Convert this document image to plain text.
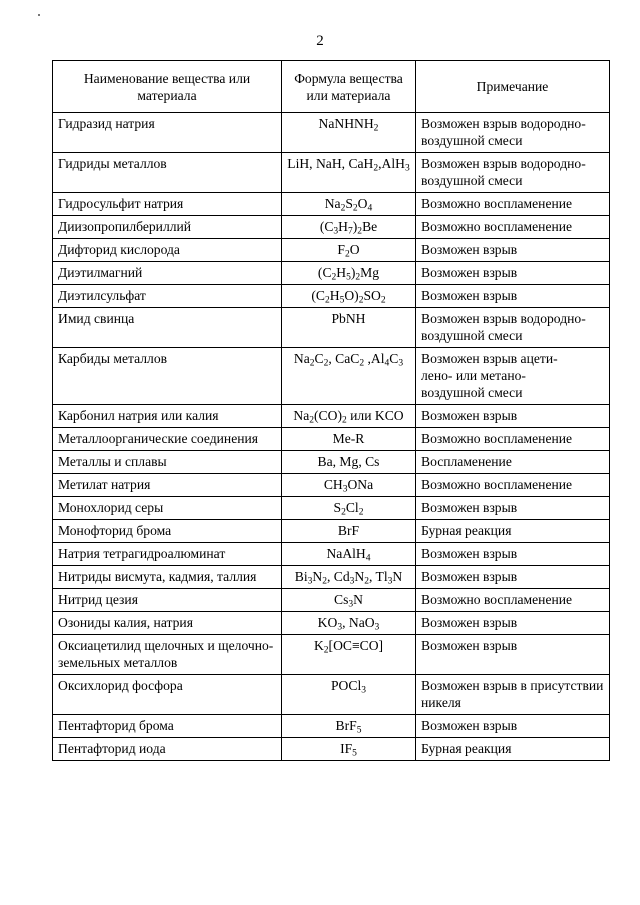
2
Наименование вещества или материала	Формула вещества или материала	Примечание
Гидразид натрия	NaNHNH$_2$	Возможен взрыв водородно-воздушной смеси
Гидриды металлов	LiH, NaH, CaH$_2$,AlH$_3$	Возможен взрыв водородно-воздушной смеси
Гидросульфит натрия	$Na_2S_2O_4$	Возможно воспламенение
Диизопропилбериллий	$(C_3H_7)_2Be$	Возможно воспламенение
Дифторид кислорода	$F_2O$	Возможен взрыв
Диэтилмагний	$(C_2H_5)_2Mg$	Возможен взрыв
Диэтилсульфат	$(C_2H_5O)_2SO_2$	Возможен взрыв
Имид свинца	PbNH	Возможен взрыв водородно-воздушной смеси
Карбиды металлов	$Na_2C_2$, CaC$_2$ $,Al_4C_3$	Возможен взрыв ацети-
лено- или метано-
воздушной смеси
Карбонил натрия или калия	$Na_2(CO)_2$ или KCO	Возможен взрыв
Металлоорганические соединения	Me-R	Возможно воспламенение
Металлы и сплавы	Ba, Mg, Cs	Воспламенение
Метилат натрия	$CH_3ONa$	Возможно воспламенение
Монохлорид серы	$S_2Cl_2$	Возможен взрыв
Монофторид брома	BrF	Бурная реакция
Натрия тетрагидроалюминат	NaAlH$_4$	Возможен взрыв
Нитриды висмута, кадмия, таллия	$Bi_3N_2$, $Cd_3N_2$, $Tl_3N$	Возможен взрыв
Нитрид цезия	$Cs_3N$	Возможно воспламенение
Озониды калия, натрия	$KO_3$, NaO$_3$	Возможен взрыв
Оксиацетилид щелочных и щелочно-земельных металлов	$K_2[OC\equiv CO]$	Возможен взрыв
Оксихлорид фосфора	POCl$_3$	Возможен взрыв в присутствии никеля
Пентафторид брома	BrF$_5$	Возможен взрыв
Пентафторид иода	$IF_5$	Бурная реакция
